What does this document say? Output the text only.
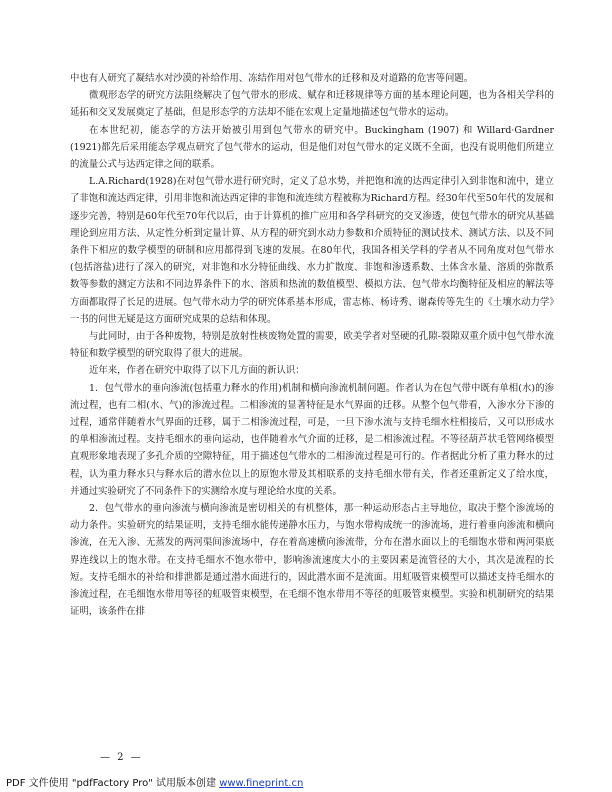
中也有人研究了凝结水对沙漠的补给作用、冻结作用对包气带水的迁移和及对道路的危害等问题。

微观形态学的研究方法阻绕解决了包气带水的形成、赋存和迁移规律等方面的基本理论问题，也为各相关学科的延拓和交叉发展奠定了基础，但是形态学的方法却不能在宏观上定量地描述包气带水的运动。

在本世纪初，能态学的方法开始被引用到包气带水的研究中。Buckingham (1907) 和 Willard·Gardner (1921)都先后采用能态学观点研究了包气带水的运动，但是他们对包气带水的定义既不全面，也没有说明他们所建立的流量公式与达西定律之间的联系。

L.A.Richard(1928)在对包气带水进行研究时，定义了总水势，并把饱和流的达西定律引入到非饱和流中，建立了非饱和流达西定律，引用非饱和流达西定律的非饱和流连续方程被称为Richard方程。经30年代至50年代的发展和逐步完善，特别是60年代至70年代以后，由于计算机的推广应用和各学科研究的交叉渗透，使包气带水的研究从基础理论到应用方法、从定性分析到定量计算、从方程的研究到水动力参数和介质特征的测试技术、测试方法、以及不同条件下相应的数学模型的研制和应用都得到飞速的发展。在80年代，我国各相关学科的学者从不同角度对包气带水(包括溶盐)进行了深入的研究，对非饱和水分特征曲线、水力扩散度、非饱和渗透系数、土体含水量、溶质的弥散系数等参数的测定方法和不同边界条件下的水、溶质和热流的数值模型、模拟方法、包气带水均衡特征及相应的解法等方面都取得了长足的进展。包气带水动力学的研究体系基本形成，雷志栋、杨诗秀、谢森传等先生的《土壤水动力学》一书的问世无疑是这方面研究成果的总结和体现。

与此同时，由于各种废物，特别是放射性核废物处置的需要，欧美学者对坚硬的孔隙-裂隙双重介质中包气带水流特征和数学模型的研究取得了很大的进展。

近年来，作者在研究中取得了以下几方面的新认识：

1．包气带水的垂向渗流(包括重力释水的作用)机制和横向渗流机制问题。作者认为在包气带中既有单相(水)的渗流过程，也有二相(水、气)的渗流过程。二相渗流的显著特征是水气界面的迁移。从整个包气带看，入渗水分下渗的过程，通常伴随着水气界面的迁移，属于二相渗流过程，可是，一旦下渗水流与支持毛细水柱相接后，又可以形成水的单相渗流过程。支持毛细水的垂向运动，也伴随着水气介面的迁移，是二相渗流过程。不等径葫芦状毛管网络模型直观形象地表现了多孔介质的空隙特征，用于描述包气带水的二相渗流过程是可行的。作者据此分析了重力释水的过程，认为重力释水只与释水后的潜水位以上的原饱水带及其相联系的支持毛细水带有关，作者还重新定义了给水度，并通过实验研究了不同条件下的实测给水度与理论给水度的关系。

2．包气带水的垂向渗流与横向渗流是密切相关的有机整体，那一种运动形态占主导地位，取决于整个渗流场的动力条件。实验研究的结果证明，支持毛细水能传递静水压力，与饱水带构成统一的渗流场，进行着垂向渗流和横向渗流，在无入渗、无蒸发的两河渠间渗流场中，存在着高速横向渗流带，分布在潜水面以上的毛细饱水带和两河渠底界连线以上的饱水带。在支持毛细水不饱水带中，影响渗流速度大小的主要因素是流管径的大小，其次是流程的长短。支持毛细水的补给和排泄都是通过潜水面进行的，因此潜水面不是流面。用虹吸管束模型可以描述支持毛细水的渗流过程，在毛细饱水带用等径的虹吸管束模型，在毛细不饱水带用不等径的虹吸管束模型。实验和机制研究的结果证明，该条件在排

— 2 —
PDF 文件使用 "pdfFactory Pro" 试用版本创建 www.fineprint.cn
